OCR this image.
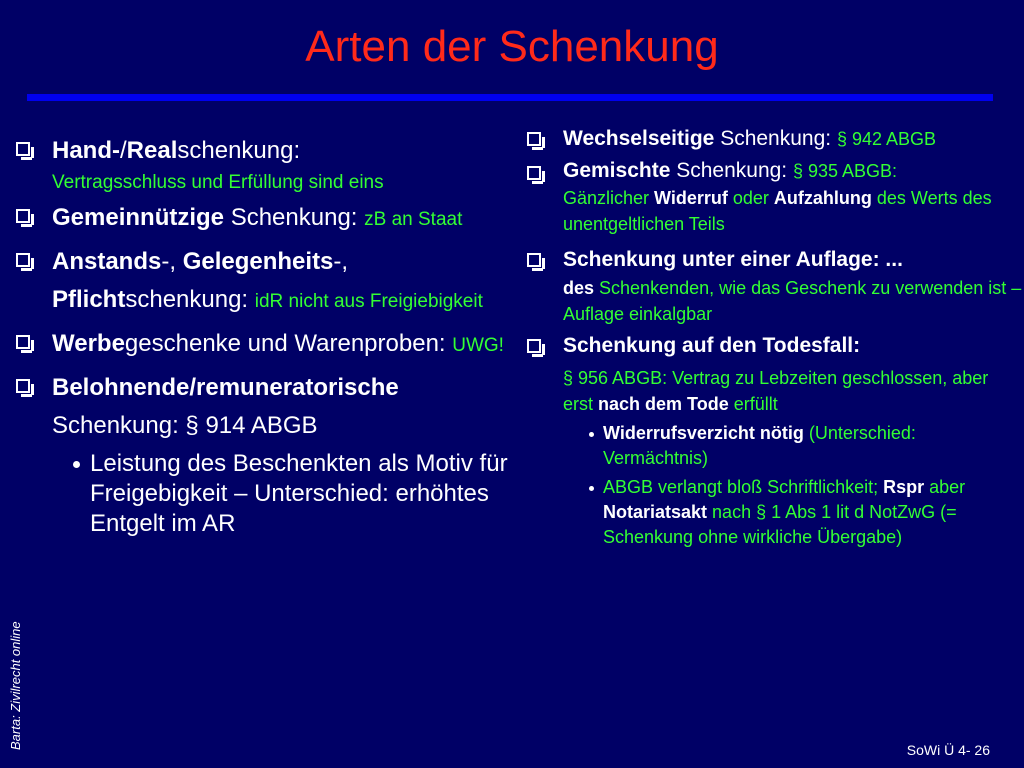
Arten der Schenkung
Hand-/Realschenkung:
Vertragsschluss und Erfüllung sind eins
Gemeinnützige Schenkung: zB an Staat
Anstands-, Gelegenheits-, Pflichtschenkung: idR nicht aus Freigiebigkeit
Werbegeschenke und Warenproben: UWG!
Belohnende/remuneratorische
Schenkung: § 914 ABGB
Leistung des Beschenkten als Motiv für Freigebigkeit – Unterschied: erhöhtes Entgelt im AR
Wechselseitige Schenkung: § 942 ABGB
Gemischte Schenkung: § 935 ABGB:
Gänzlicher Widerruf oder Aufzahlung des Werts des unentgeltlichen Teils
Schenkung unter einer Auflage: ...
des Schenkenden, wie das Geschenk zu verwenden ist – Auflage einkalgbar
Schenkung auf den Todesfall:
§ 956 ABGB: Vertrag zu Lebzeiten geschlossen, aber erst nach dem Tode erfüllt
Widerrufsverzicht nötig (Unterschied: Vermächtnis)
ABGB verlangt bloß Schriftlichkeit; Rspr aber Notariatsakt nach § 1 Abs 1 lit d NotZwG (= Schenkung ohne wirkliche Übergabe)
Barta: Zivilrecht online	SoWi Ü 4- 26
